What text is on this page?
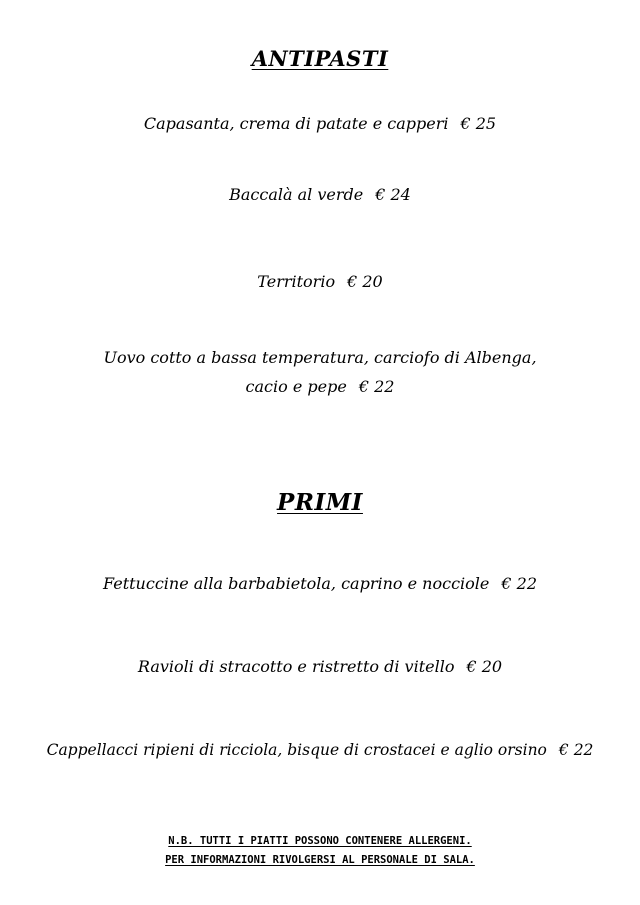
ANTIPASTI
Capasanta, crema di patate e capperi € 25
Baccalà al verde € 24
Territorio € 20
Uovo cotto a bassa temperatura, carciofo di Albenga,
cacio e pepe € 22
PRIMI
Fettuccine alla barbabietola, caprino e nocciole € 22
Ravioli di stracotto e ristretto di vitello € 20
Cappellacci ripieni di ricciola, bisque di crostacei e aglio orsino € 22
N.B. TUTTI I PIATTI POSSONO CONTENERE ALLERGENI.
PER INFORMAZIONI RIVOLGERSI AL PERSONALE DI SALA.
